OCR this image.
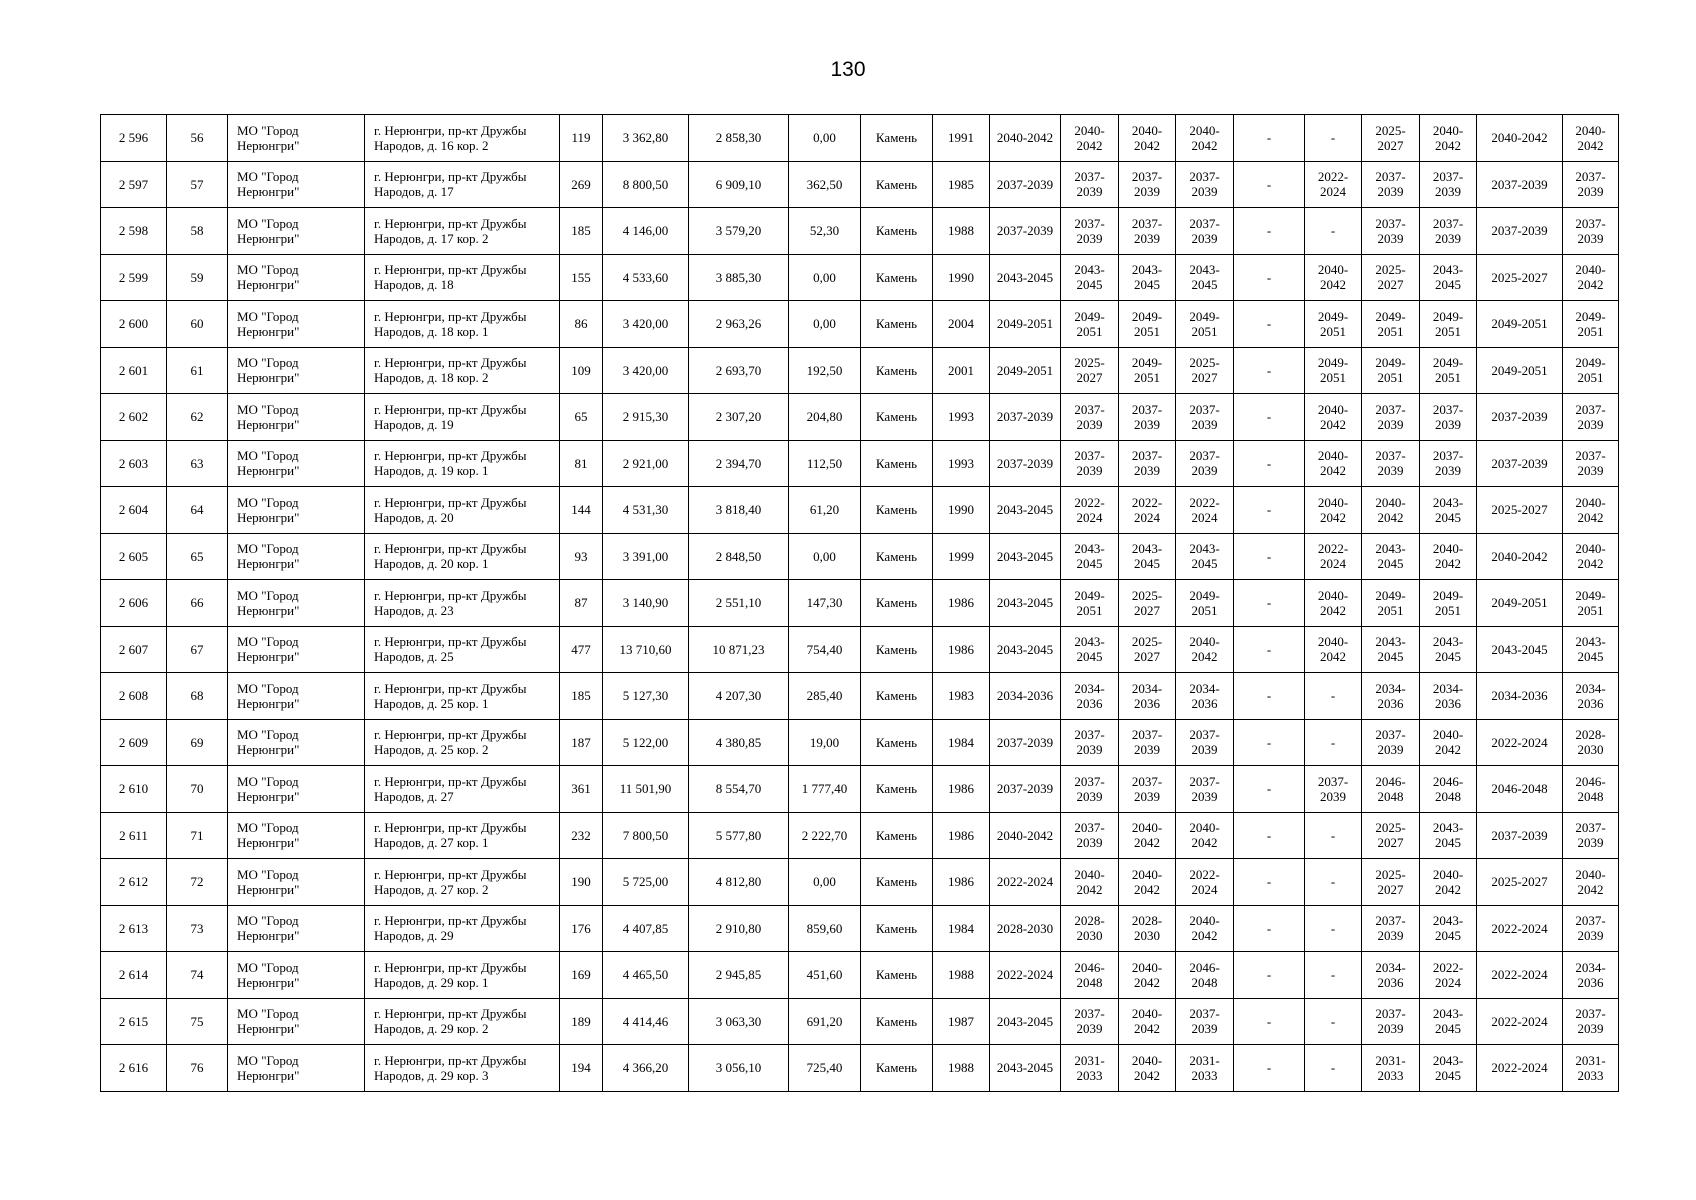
130
2 596	56	МО "Город Нерюнгри"	г. Нерюнгри, пр-кт Дружбы Народов, д. 16 кор. 2	119	3 362,80	2 858,30	0,00	Камень	1991	2040-2042	2040-2042	2040-2042	2040-2042	-	-	2025-2027	2040-2042	2040-2042	2040-2042
2 597	57	МО "Город Нерюнгри"	г. Нерюнгри, пр-кт Дружбы Народов, д. 17	269	8 800,50	6 909,10	362,50	Камень	1985	2037-2039	2037-2039	2037-2039	2037-2039	-	2022-2024	2037-2039	2037-2039	2037-2039	2037-2039
2 598	58	МО "Город Нерюнгри"	г. Нерюнгри, пр-кт Дружбы Народов, д. 17 кор. 2	185	4 146,00	3 579,20	52,30	Камень	1988	2037-2039	2037-2039	2037-2039	2037-2039	-	-	2037-2039	2037-2039	2037-2039	2037-2039
2 599	59	МО "Город Нерюнгри"	г. Нерюнгри, пр-кт Дружбы Народов, д. 18	155	4 533,60	3 885,30	0,00	Камень	1990	2043-2045	2043-2045	2043-2045	2043-2045	-	2040-2042	2025-2027	2043-2045	2025-2027	2040-2042
2 600	60	МО "Город Нерюнгри"	г. Нерюнгри, пр-кт Дружбы Народов, д. 18 кор. 1	86	3 420,00	2 963,26	0,00	Камень	2004	2049-2051	2049-2051	2049-2051	2049-2051	-	2049-2051	2049-2051	2049-2051	2049-2051	2049-2051
2 601	61	МО "Город Нерюнгри"	г. Нерюнгри, пр-кт Дружбы Народов, д. 18 кор. 2	109	3 420,00	2 693,70	192,50	Камень	2001	2049-2051	2025-2027	2049-2051	2025-2027	-	2049-2051	2049-2051	2049-2051	2049-2051	2049-2051
2 602	62	МО "Город Нерюнгри"	г. Нерюнгри, пр-кт Дружбы Народов, д. 19	65	2 915,30	2 307,20	204,80	Камень	1993	2037-2039	2037-2039	2037-2039	2037-2039	-	2040-2042	2037-2039	2037-2039	2037-2039	2037-2039
2 603	63	МО "Город Нерюнгри"	г. Нерюнгри, пр-кт Дружбы Народов, д. 19 кор. 1	81	2 921,00	2 394,70	112,50	Камень	1993	2037-2039	2037-2039	2037-2039	2037-2039	-	2040-2042	2037-2039	2037-2039	2037-2039	2037-2039
2 604	64	МО "Город Нерюнгри"	г. Нерюнгри, пр-кт Дружбы Народов, д. 20	144	4 531,30	3 818,40	61,20	Камень	1990	2043-2045	2022-2024	2022-2024	2022-2024	-	2040-2042	2040-2042	2043-2045	2025-2027	2040-2042
2 605	65	МО "Город Нерюнгри"	г. Нерюнгри, пр-кт Дружбы Народов, д. 20 кор. 1	93	3 391,00	2 848,50	0,00	Камень	1999	2043-2045	2043-2045	2043-2045	2043-2045	-	2022-2024	2043-2045	2040-2042	2040-2042	2040-2042
2 606	66	МО "Город Нерюнгри"	г. Нерюнгри, пр-кт Дружбы Народов, д. 23	87	3 140,90	2 551,10	147,30	Камень	1986	2043-2045	2049-2051	2025-2027	2049-2051	-	2040-2042	2049-2051	2049-2051	2049-2051	2049-2051
2 607	67	МО "Город Нерюнгри"	г. Нерюнгри, пр-кт Дружбы Народов, д. 25	477	13 710,60	10 871,23	754,40	Камень	1986	2043-2045	2043-2045	2025-2027	2040-2042	-	2040-2042	2043-2045	2043-2045	2043-2045	2043-2045
2 608	68	МО "Город Нерюнгри"	г. Нерюнгри, пр-кт Дружбы Народов, д. 25 кор. 1	185	5 127,30	4 207,30	285,40	Камень	1983	2034-2036	2034-2036	2034-2036	2034-2036	-	-	2034-2036	2034-2036	2034-2036	2034-2036
2 609	69	МО "Город Нерюнгри"	г. Нерюнгри, пр-кт Дружбы Народов, д. 25 кор. 2	187	5 122,00	4 380,85	19,00	Камень	1984	2037-2039	2037-2039	2037-2039	2037-2039	-	-	2037-2039	2040-2042	2022-2024	2028-2030
2 610	70	МО "Город Нерюнгри"	г. Нерюнгри, пр-кт Дружбы Народов, д. 27	361	11 501,90	8 554,70	1 777,40	Камень	1986	2037-2039	2037-2039	2037-2039	2037-2039	-	2037-2039	2046-2048	2046-2048	2046-2048	2046-2048
2 611	71	МО "Город Нерюнгри"	г. Нерюнгри, пр-кт Дружбы Народов, д. 27 кор. 1	232	7 800,50	5 577,80	2 222,70	Камень	1986	2040-2042	2037-2039	2040-2042	2040-2042	-	-	2025-2027	2043-2045	2037-2039	2037-2039
2 612	72	МО "Город Нерюнгри"	г. Нерюнгри, пр-кт Дружбы Народов, д. 27 кор. 2	190	5 725,00	4 812,80	0,00	Камень	1986	2022-2024	2040-2042	2040-2042	2022-2024	-	-	2025-2027	2040-2042	2025-2027	2040-2042
2 613	73	МО "Город Нерюнгри"	г. Нерюнгри, пр-кт Дружбы Народов, д. 29	176	4 407,85	2 910,80	859,60	Камень	1984	2028-2030	2028-2030	2028-2030	2040-2042	-	-	2037-2039	2043-2045	2022-2024	2037-2039
2 614	74	МО "Город Нерюнгри"	г. Нерюнгри, пр-кт Дружбы Народов, д. 29 кор. 1	169	4 465,50	2 945,85	451,60	Камень	1988	2022-2024	2046-2048	2040-2042	2046-2048	-	-	2034-2036	2022-2024	2022-2024	2034-2036
2 615	75	МО "Город Нерюнгри"	г. Нерюнгри, пр-кт Дружбы Народов, д. 29 кор. 2	189	4 414,46	3 063,30	691,20	Камень	1987	2043-2045	2037-2039	2040-2042	2037-2039	-	-	2037-2039	2043-2045	2022-2024	2037-2039
2 616	76	МО "Город Нерюнгри"	г. Нерюнгри, пр-кт Дружбы Народов, д. 29 кор. 3	194	4 366,20	3 056,10	725,40	Камень	1988	2043-2045	2031-2033	2040-2042	2031-2033	-	-	2031-2033	2043-2045	2022-2024	2031-2033
